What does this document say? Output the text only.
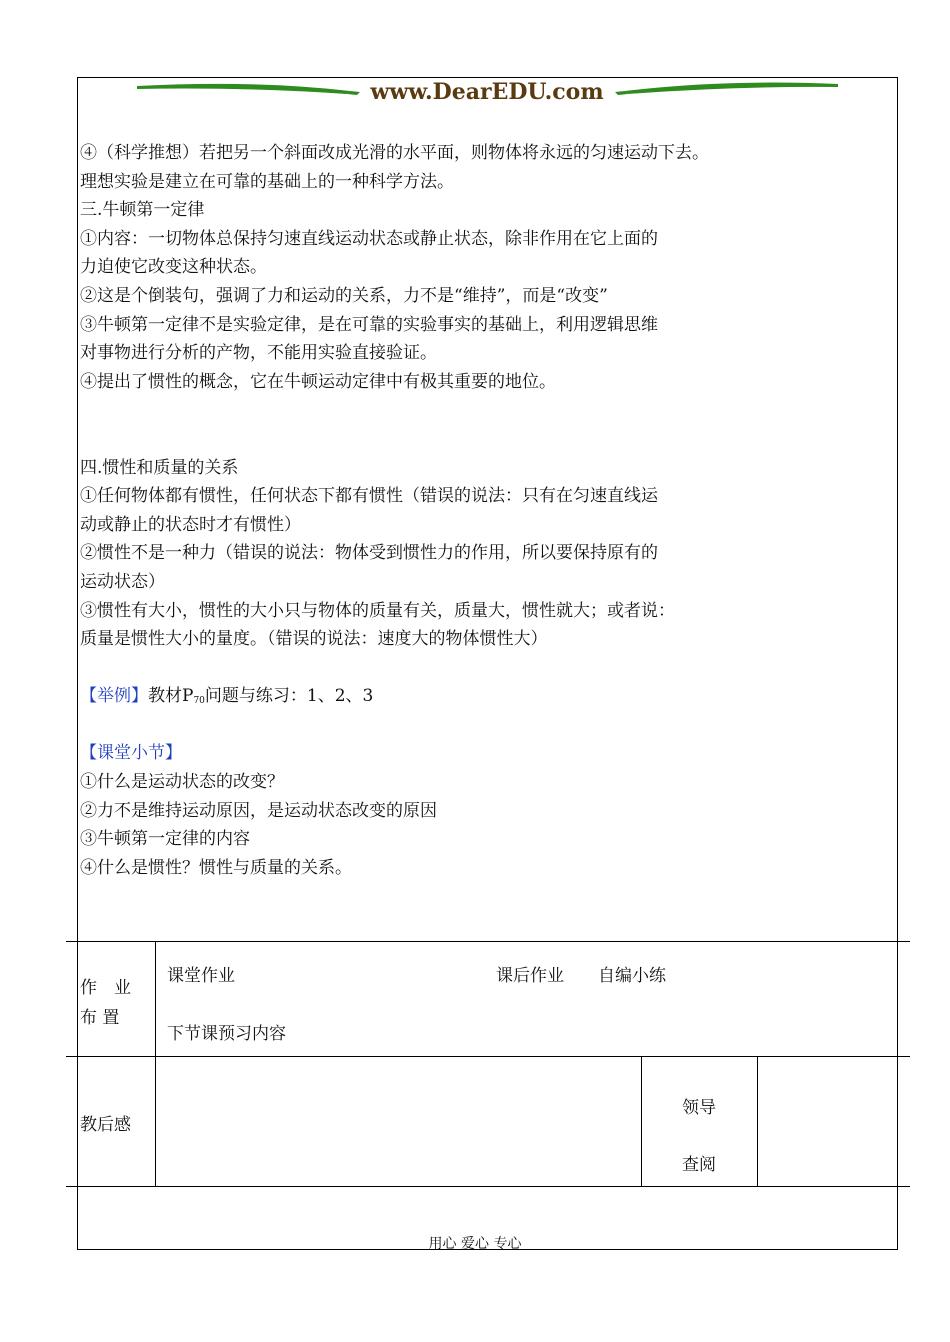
www.DearEDU.com
④（科学推想）若把另一个斜面改成光滑的水平面，则物体将永远的匀速运动下去。
理想实验是建立在可靠的基础上的一种科学方法。
三.牛顿第一定律
①内容：一切物体总保持匀速直线运动状态或静止状态，除非作用在它上面的
力迫使它改变这种状态。
②这是个倒装句，强调了力和运动的关系，力不是“维持”，而是“改变”
③牛顿第一定律不是实验定律，是在可靠的实验事实的基础上，利用逻辑思维
对事物进行分析的产物，不能用实验直接验证。
④提出了惯性的概念，它在牛顿运动定律中有极其重要的地位。
四.惯性和质量的关系
①任何物体都有惯性，任何状态下都有惯性（错误的说法：只有在匀速直线运
动或静止的状态时才有惯性）
②惯性不是一种力（错误的说法：物体受到惯性力的作用，所以要保持原有的
运动状态）
③惯性有大小，惯性的大小只与物体的质量有关，质量大，惯性就大；或者说：
质量是惯性大小的量度。（错误的说法：速度大的物体惯性大）
【举例】教材$P_{70}$问题与练习：1、2、3
【课堂小节】
①什么是运动状态的改变？
②力不是维持运动原因，是运动状态改变的原因
③牛顿第一定律的内容
④什么是惯性？惯性与质量的关系。
作　业
布 置
课堂作业	课后作业 自编小练
下节课预习内容
教后感
领导
查阅
用心 爱心 专心
